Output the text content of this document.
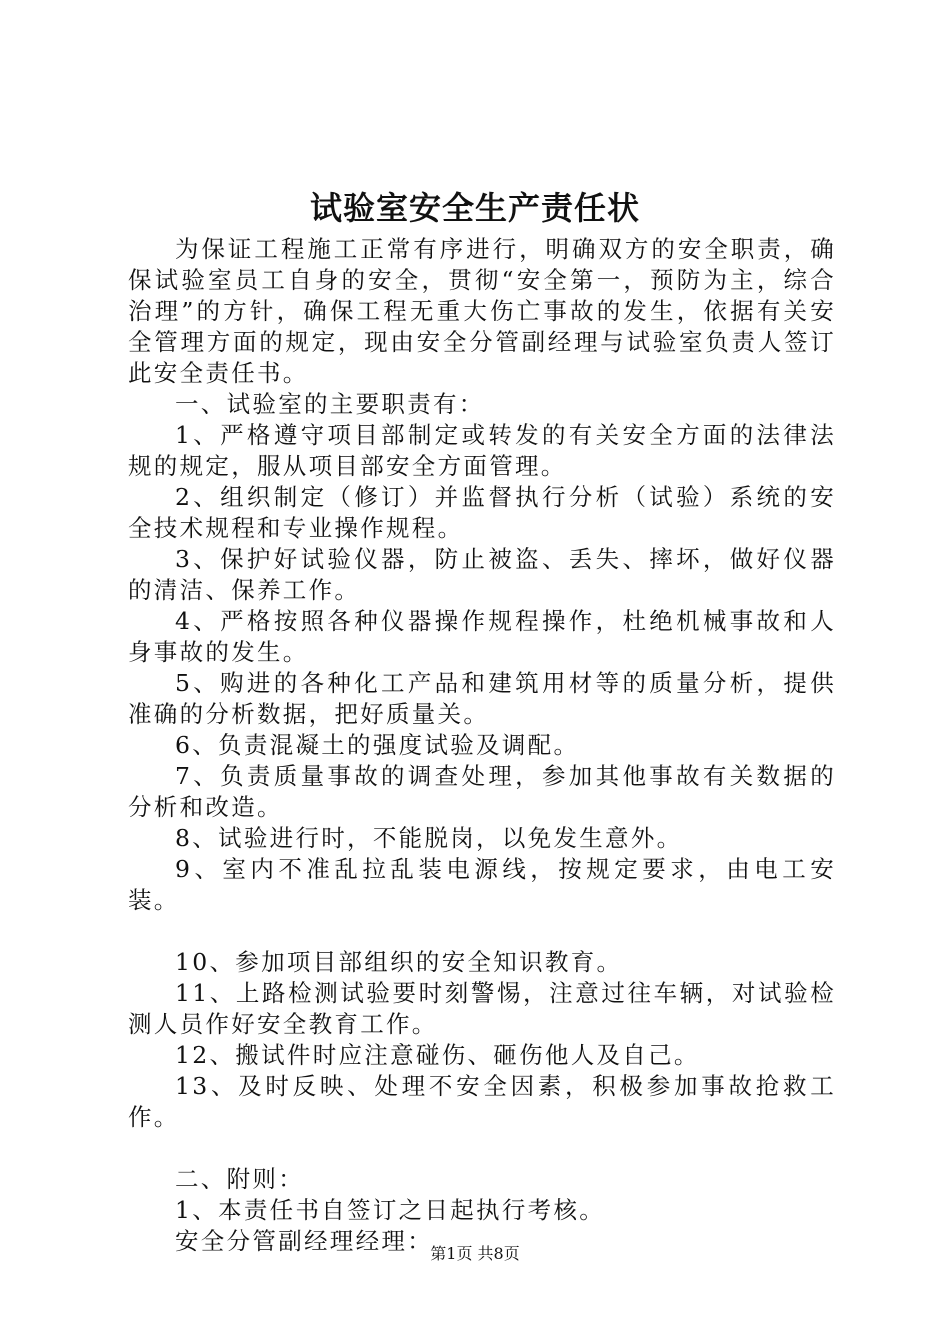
试验室安全生产责任状

为保证工程施工正常有序进行，明确双方的安全职责，确保试验室员工自身的安全，贯彻“安全第一，预防为主，综合治理”的方针，确保工程无重大伤亡事故的发生，依据有关安全管理方面的规定，现由安全分管副经理与试验室负责人签订此安全责任书。

一、试验室的主要职责有：

1、严格遵守项目部制定或转发的有关安全方面的法律法规的规定，服从项目部安全方面管理。

2、组织制定（修订）并监督执行分析（试验）系统的安全技术规程和专业操作规程。

3、保护好试验仪器，防止被盗、丢失、摔坏，做好仪器的清洁、保养工作。

4、严格按照各种仪器操作规程操作，杜绝机械事故和人身事故的发生。

5、购进的各种化工产品和建筑用材等的质量分析，提供准确的分析数据，把好质量关。

6、负责混凝土的强度试验及调配。

7、负责质量事故的调查处理，参加其他事故有关数据的分析和改造。

8、试验进行时，不能脱岗，以免发生意外。

9、室内不准乱拉乱装电源线，按规定要求，由电工安装。

10、参加项目部组织的安全知识教育。

11、上路检测试验要时刻警惕，注意过往车辆，对试验检测人员作好安全教育工作。

12、搬试件时应注意碰伤、砸伤他人及自己。

13、及时反映、处理不安全因素，积极参加事故抢救工作。

二、附则：

1、本责任书自签订之日起执行考核。

安全分管副经理经理：

第1页 共8页
